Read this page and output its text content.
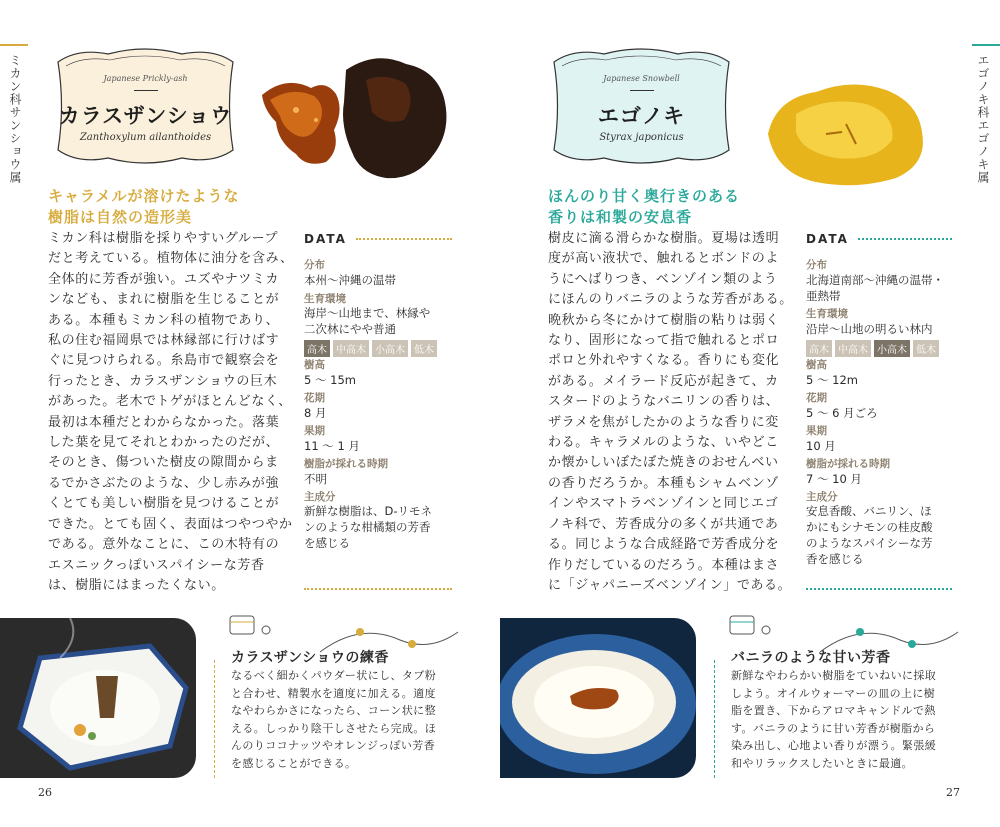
ミカン科サンショウ属	Japanese Prickly-ash
カラスザンショウ
Zanthoxylum ailanthoides
キャラメルが溶けたような
樹脂は自然の造形美

ミカン科は樹脂を採りやすいグループ

だと考えている。植物体に油分を含み、

全体的に芳香が強い。ユズやナツミカ

ンなども、まれに樹脂を生じることが

ある。本種もミカン科の植物であり、

私の住む福岡県では林縁部に行けばす

ぐに見つけられる。糸島市で観察会を

行ったとき、カラスザンショウの巨木

があった。老木でトゲがほとんどなく、

最初は本種だとわからなかった。落葉

した葉を見てそれとわかったのだが、

そのとき、傷ついた樹皮の隙間からま

るでかさぶたのような、少し赤みが強

くとても美しい樹脂を見つけることが

できた。とても固く、表面はつやつやか

である。意外なことに、この木特有の

エスニックっぽいスパイシーな芳香

は、樹脂にはまったくない。

DATA
分布

本州～沖縄の温帯

生育環境

海岸～山地まで、林縁や

二次林にやや普通

高木 中高木 小高木 低木
樹高

5 ～ 15m

花期

8 月

果期

11 ～ 1 月

樹脂が採れる時期

不明

主成分

新鮮な樹脂は、D-リモネ

ンのような柑橘類の芳香

を感じる

カラスザンショウの練香

なるべく細かくパウダー状にし、タブ粉

と合わせ、精製水を適度に加える。適度

なやわらかさになったら、コーン状に整

える。しっかり陰干しさせたら完成。ほ

んのりココナッツやオレンジっぽい芳香

を感じることができる。

26
エゴノキ科エゴノキ属
Japanese Snowbell
エゴノキ
Styrax japonicus
ほんのり甘く奥行きのある
香りは和製の安息香

樹皮に滴る滑らかな樹脂。夏場は透明

度が高い液状で、触れるとボンドのよ

うにへばりつき、ベンゾイン類のよう

にほんのりバニラのような芳香がある。

晩秋から冬にかけて樹脂の粘りは弱く

なり、固形になって指で触れるとポロ

ポロと外れやすくなる。香りにも変化

がある。メイラード反応が起きて、カ

スタードのようなバニリンの香りは、

ザラメを焦がしたかのような香りに変

わる。キャラメルのような、いやどこ

か懐かしいぼたぼた焼きのおせんべい

の香りだろうか。本種もシャムベンゾ

インやスマトラベンゾインと同じエゴ

ノキ科で、芳香成分の多くが共通であ

る。同じような合成経路で芳香成分を

作りだしているのだろう。本種はまさ

に「ジャパニーズベンゾイン」である。

DATA
分布

北海道南部～沖縄の温帯・

亜熱帯

生育環境

沿岸～山地の明るい林内

高木 中高木 小高木 低木
樹高

5 ～ 12m

花期

5 ～ 6 月ごろ

果期

10 月

樹脂が採れる時期

7 ～ 10 月

主成分

安息香酸、バニリン、ほ

かにもシナモンの桂皮酸

のようなスパイシーな芳

香を感じる

バニラのような甘い芳香

新鮮なやわらかい樹脂をていねいに採取

しよう。オイルウォーマーの皿の上に樹

脂を置き、下からアロマキャンドルで熱

す。バニラのように甘い芳香が樹脂から

染み出し、心地よい香りが漂う。緊張緩

和やリラックスしたいときに最適。

27
